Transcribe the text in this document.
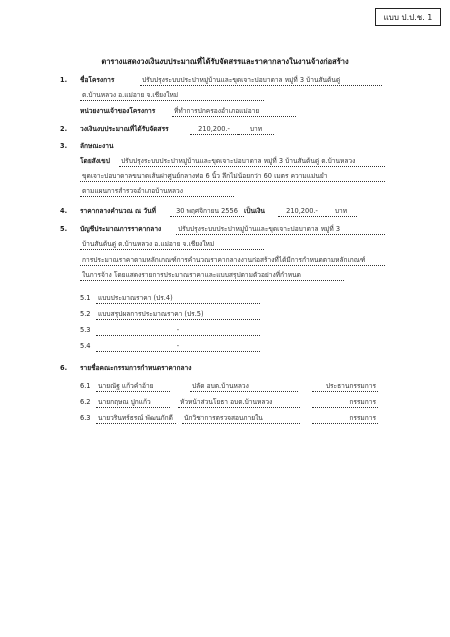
แบบ ป.ป.ช. 1
ตารางแสดงวงเงินงบประมาณที่ได้รับจัดสรรและราคากลางในงานจ้างก่อสร้าง
1. ชื่อโครงการ	ปรับปรุงระบบประปาหมู่บ้านและขุดเจาะบ่อบาดาล หมู่ที่ 3 บ้านสันต้นดู่
ต.บ้านหลวง อ.แม่อาย จ.เชียงใหม่
หน่วยงานเจ้าของโครงการ	ที่ทำการปกครองอำเภอแม่อาย
2. วงเงินงบประมาณที่ได้รับจัดสรร	210,200.-	บาท
3. ลักษณะงาน
โดยสังเขป	ปรับปรุงระบบประปาหมู่บ้านและขุดเจาะบ่อบาดาล หมู่ที่ 3 บ้านสันต้นดู่ ต.บ้านหลวง
ขุดเจาะบ่อบาดาลขนาดเส้นผ่าศูนย์กลางท่อ 6 นิ้ว ลึกไม่น้อยกว่า 60 เมตร ความแม่นยำ
ตามแผนการสำรวจอำเภอบ้านหลวง
4. ราคากลางคำนวณ ณ วันที่	30 พฤศจิกายน 2556 เป็นเงิน	210,200.-	บาท
5. บัญชีประมาณการราคากลาง	ปรับปรุงระบบประปาหมู่บ้านและขุดเจาะบ่อบาดาล หมู่ที่ 3
บ้านสันต้นดู่ ต.บ้านหลวง อ.แม่อาย จ.เชียงใหม่
การประมาณราคาตามหลักเกณฑ์การคำนวณราคากลางงานก่อสร้างที่ได้มีการกำหนดตามหลักเกณฑ์
ในการจ้าง โดยแสดงรายการประมาณราคาและแบบสรุปตามตัวอย่างที่กำหนด
5.1	แบบประมาณราคา (ปร.4)
5.2	แบบสรุปผลการประมาณราคา (ปร.5)
5.3	-
5.4	-
6. รายชื่อคณะกรรมการกำหนดราคากลาง
6.1	นายณัฐ แก้วคำอ้าย	ปลัด อบต.บ้านหลวง	ประธานกรรมการ
6.2	นายกฤษณ ปูกแก้ว	หัวหน้าส่วนโยธา อบต.บ้านหลวง	กรรมการ
6.3	นายวรินทร์ธรณ์ พัฒนภักดี	นักวิชาการตรวจสอบภายใน	กรรมการ
